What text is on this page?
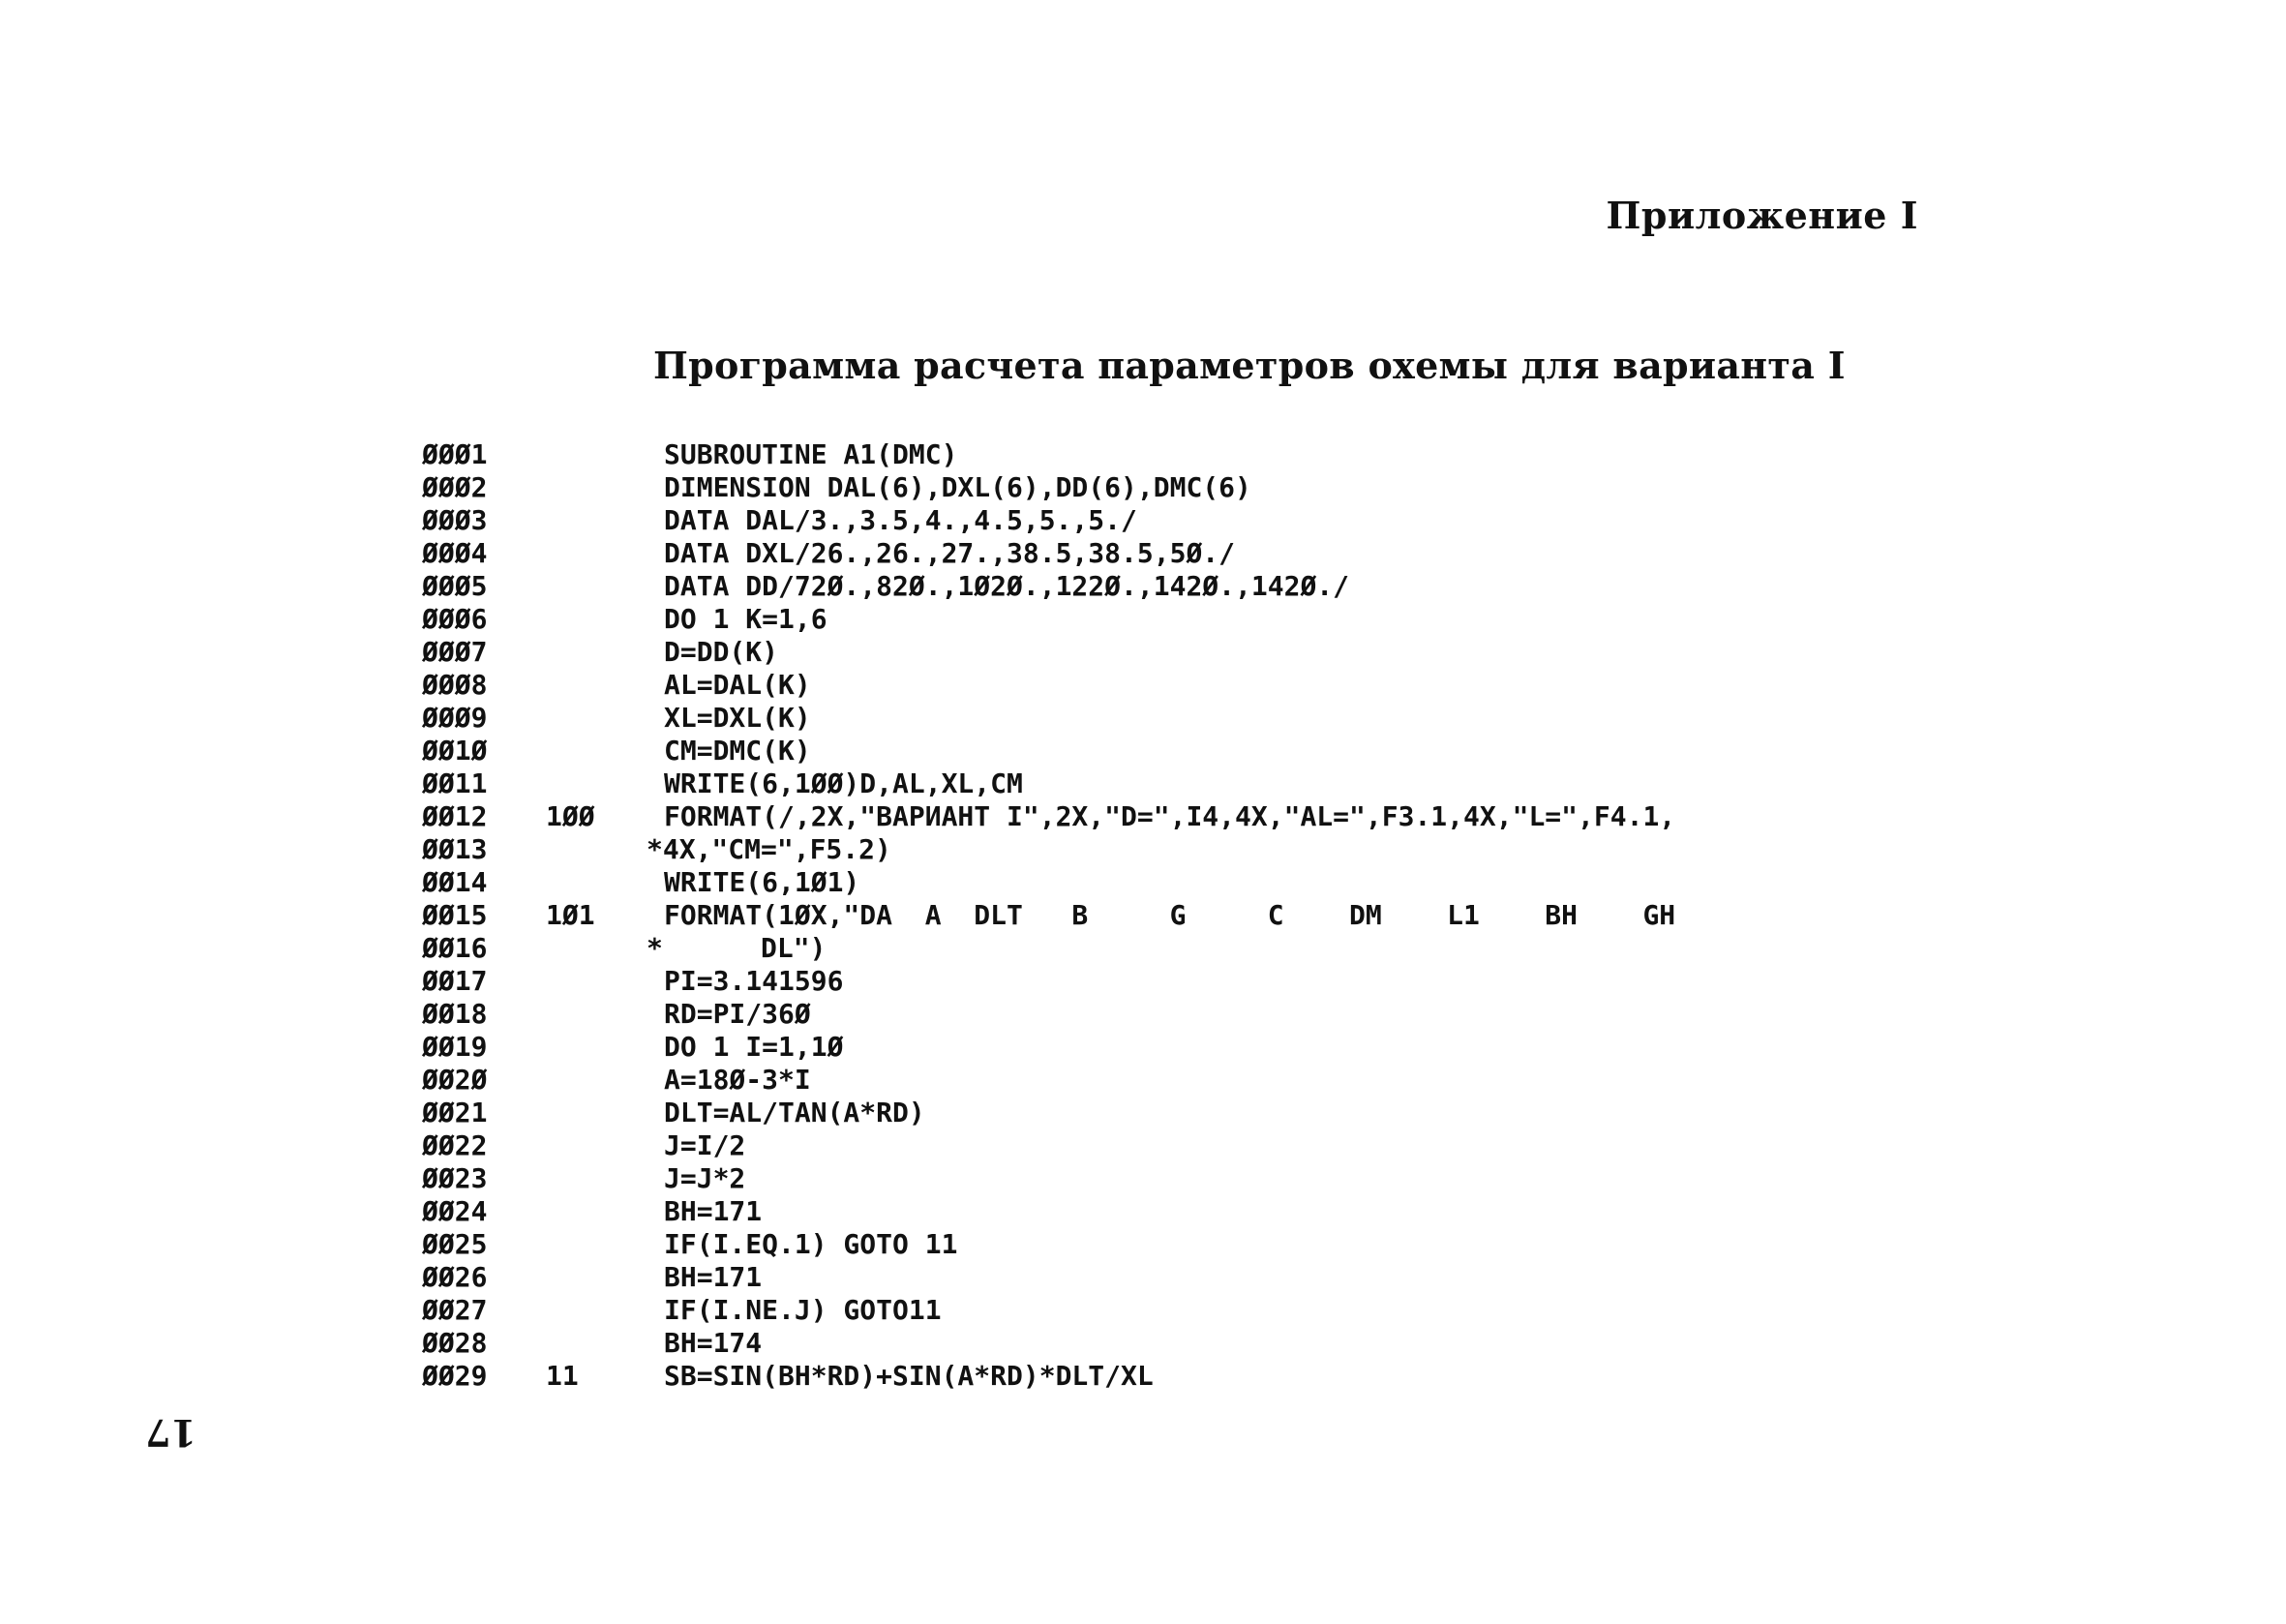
Приложение I
Программа расчета параметров охемы для варианта I
ØØØ1	SUBROUTINE A1(DMC)
ØØØ2	DIMENSION DAL(6),DXL(6),DD(6),DMC(6)
ØØØ3	DATA DAL/3.,3.5,4.,4.5,5.,5./
ØØØ4	DATA DXL/26.,26.,27.,38.5,38.5,5Ø./
ØØØ5	DATA DD/72Ø.,82Ø.,1Ø2Ø.,122Ø.,142Ø.,142Ø./
ØØØ6	DO 1 K=1,6
ØØØ7	D=DD(K)
ØØØ8	AL=DAL(K)
ØØØ9	XL=DXL(K)
ØØ1Ø	CM=DMC(K)
ØØ11	WRITE(6,1ØØ)D,AL,XL,CM
ØØ12 1ØØ	FORMAT(/,2X,"ВАРИАНТ I",2X,"D=",I4,4X,"AL=",F3.1,4X,"L=",F4.1,
ØØ13	*4X,"CM=",F5.2)
ØØ14	WRITE(6,1Ø1)
ØØ15 1Ø1	FORMAT(1ØX,"DA  A  DLT   B     G     C    DM    L1    BH    GH
ØØ16	*      DL")
ØØ17	PI=3.141596
ØØ18	RD=PI/36Ø
ØØ19	DO 1 I=1,1Ø
ØØ2Ø	A=18Ø-3*I
ØØ21	DLT=AL/TAN(A*RD)
ØØ22	J=I/2
ØØ23	J=J*2
ØØ24	BH=171
ØØ25	IF(I.EQ.1) GOTO 11
ØØ26	BH=171
ØØ27	IF(I.NE.J) GOTO11
ØØ28	BH=174
ØØ29 11	SB=SIN(BH*RD)+SIN(A*RD)*DLT/XL
17
